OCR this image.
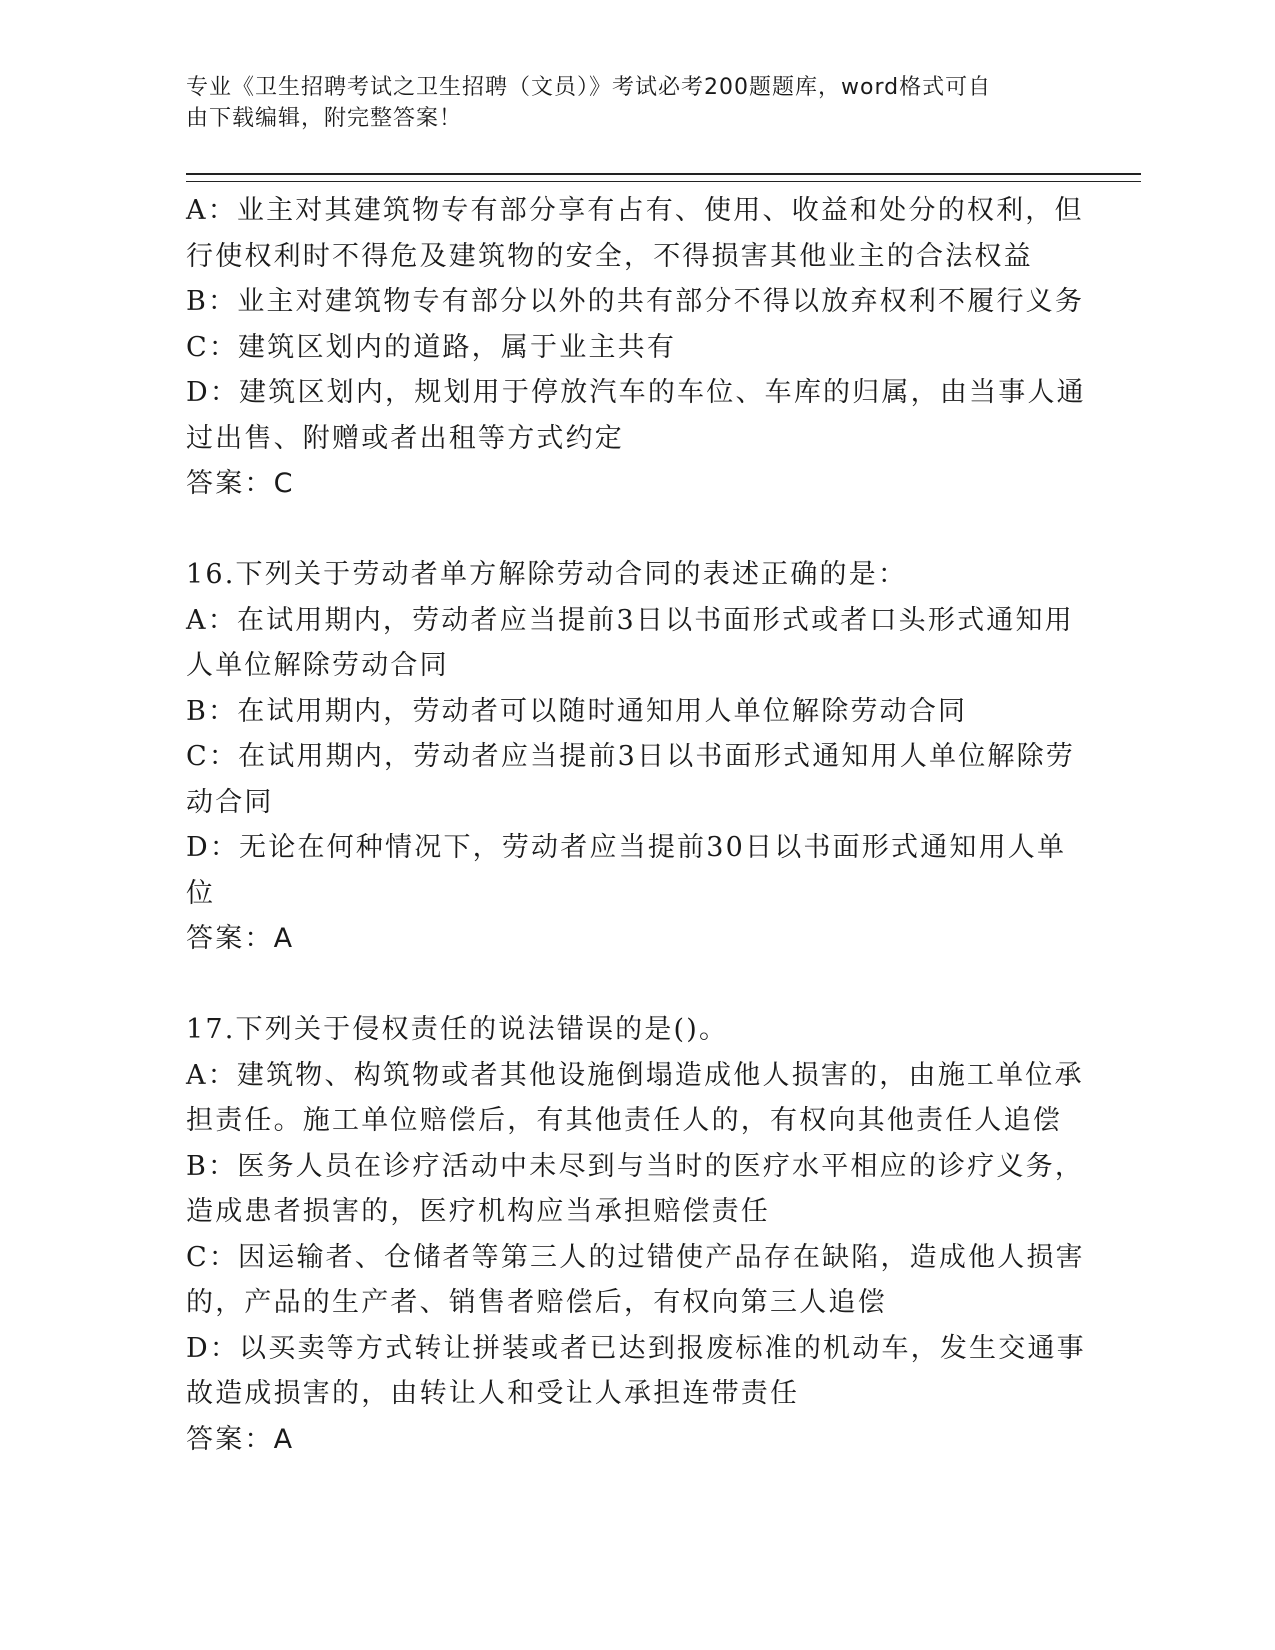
专业《卫生招聘考试之卫生招聘（文员）》考试必考200题题库，word格式可自
由下载编辑，附完整答案！
A：业主对其建筑物专有部分享有占有、使用、收益和处分的权利，但
行使权利时不得危及建筑物的安全，不得损害其他业主的合法权益
B：业主对建筑物专有部分以外的共有部分不得以放弃权利不履行义务
C：建筑区划内的道路，属于业主共有
D：建筑区划内，规划用于停放汽车的车位、车库的归属，由当事人通
过出售、附赠或者出租等方式约定
答案：C
16.下列关于劳动者单方解除劳动合同的表述正确的是：
A：在试用期内，劳动者应当提前3日以书面形式或者口头形式通知用
人单位解除劳动合同
B：在试用期内，劳动者可以随时通知用人单位解除劳动合同
C：在试用期内，劳动者应当提前3日以书面形式通知用人单位解除劳
动合同
D：无论在何种情况下，劳动者应当提前30日以书面形式通知用人单
位
答案：A
17.下列关于侵权责任的说法错误的是()。
A：建筑物、构筑物或者其他设施倒塌造成他人损害的，由施工单位承
担责任。施工单位赔偿后，有其他责任人的，有权向其他责任人追偿
B：医务人员在诊疗活动中未尽到与当时的医疗水平相应的诊疗义务，
造成患者损害的，医疗机构应当承担赔偿责任
C：因运输者、仓储者等第三人的过错使产品存在缺陷，造成他人损害
的，产品的生产者、销售者赔偿后，有权向第三人追偿
D：以买卖等方式转让拼装或者已达到报废标准的机动车，发生交通事
故造成损害的，由转让人和受让人承担连带责任
答案：A
